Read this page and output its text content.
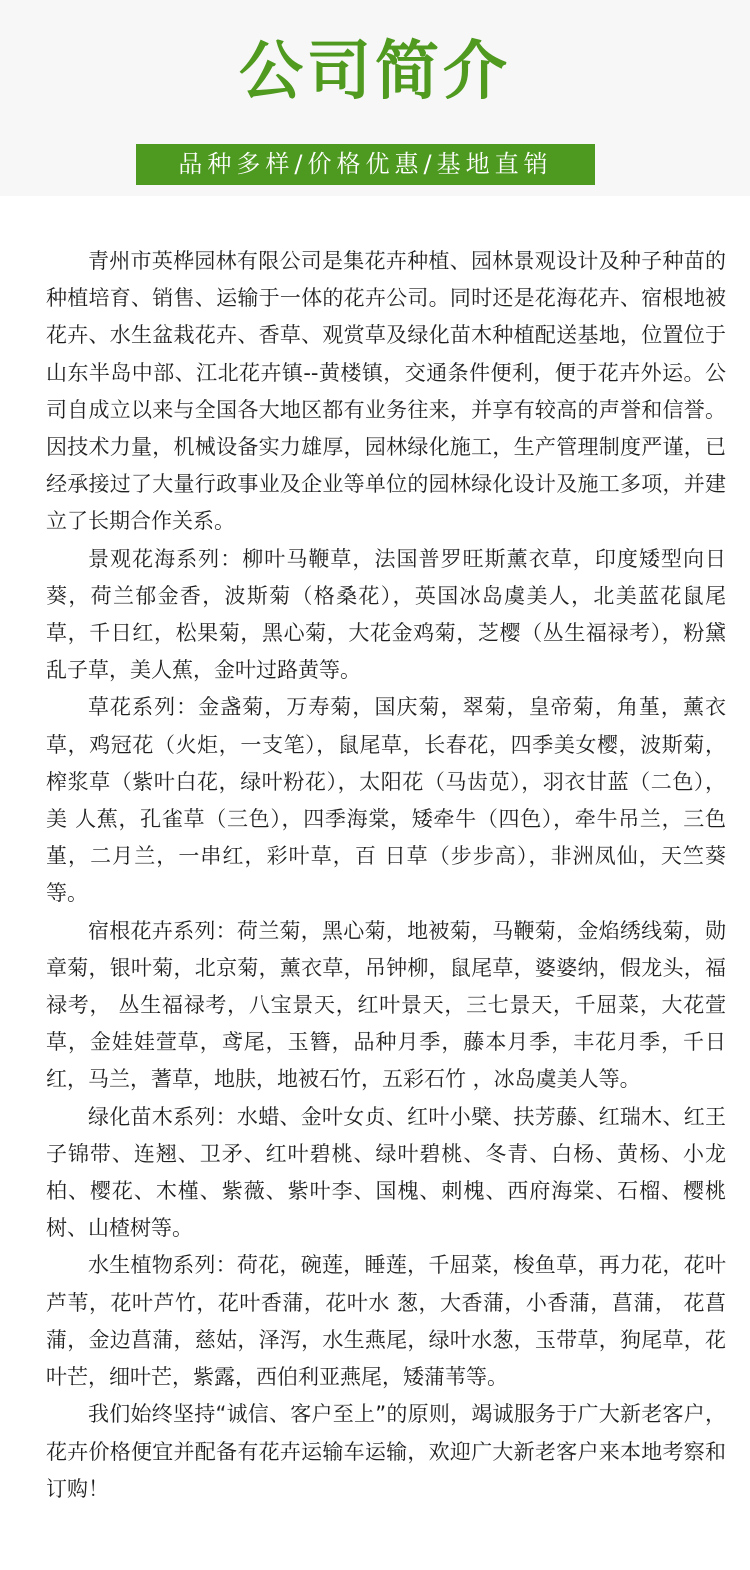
公司简介
品种多样/价格优惠/基地直销

青州市英桦园林有限公司是集花卉种植、园林景观设计及种子种苗的种植培育、销售、运输于一体的花卉公司。同时还是花海花卉、宿根地被花卉、水生盆栽花卉、香草、观赏草及绿化苗木种植配送基地，位置位于山东半岛中部、江北花卉镇--黄楼镇，交通条件便利，便于花卉外运。公司自成立以来与全国各大地区都有业务往来，并享有较高的声誉和信誉。因技术力量，机械设备实力雄厚，园林绿化施工，生产管理制度严谨，已经承接过了大量行政事业及企业等单位的园林绿化设计及施工多项，并建立了长期合作关系。

景观花海系列：柳叶马鞭草，法国普罗旺斯薰衣草，印度矮型向日葵，荷兰郁金香，波斯菊（格桑花），英国冰岛虞美人，北美蓝花鼠尾草，千日红，松果菊，黑心菊，大花金鸡菊，芝樱（丛生福禄考），粉黛乱子草，美人蕉，金叶过路黄等。

草花系列：金盏菊，万寿菊，国庆菊，翠菊，皇帝菊，角堇，薰衣草，鸡冠花（火炬，一支笔），鼠尾草，长春花，四季美女樱，波斯菊，榨浆草（紫叶白花，绿叶粉花），太阳花（马齿苋），羽衣甘蓝（二色），美 人蕉，孔雀草（三色），四季海棠，矮牵牛（四色），牵牛吊兰，三色堇，二月兰，一串红，彩叶草，百 日草（步步高），非洲凤仙，天竺葵等。

宿根花卉系列：荷兰菊，黑心菊，地被菊，马鞭菊，金焰绣线菊，勋章菊，银叶菊，北京菊，薰衣草，吊钟柳，鼠尾草，婆婆纳，假龙头，福禄考， 丛生福禄考，八宝景天，红叶景天，三七景天，千屈菜，大花萱草，金娃娃萱草，鸢尾，玉簪，品种月季，藤本月季，丰花月季，千日红，马兰，蓍草，地肤，地被石竹，五彩石竹 ，冰岛虞美人等。

绿化苗木系列：水蜡、金叶女贞、红叶小檗、扶芳藤、红瑞木、红王子锦带、连翘、卫矛、红叶碧桃、绿叶碧桃、冬青、白杨、黄杨、小龙柏、樱花、木槿、紫薇、紫叶李、国槐、刺槐、西府海棠、石榴、樱桃树、山楂树等。

水生植物系列：荷花，碗莲，睡莲，千屈菜，梭鱼草，再力花，花叶芦苇，花叶芦竹，花叶香蒲，花叶水 葱，大香蒲，小香蒲，菖蒲， 花菖蒲，金边菖蒲，慈姑，泽泻，水生燕尾，绿叶水葱，玉带草，狗尾草，花叶芒，细叶芒，紫露，西伯利亚燕尾，矮蒲苇等。

我们始终坚持“诚信、客户至上”的原则，竭诚服务于广大新老客户，花卉价格便宜并配备有花卉运输车运输，欢迎广大新老客户来本地考察和订购！
